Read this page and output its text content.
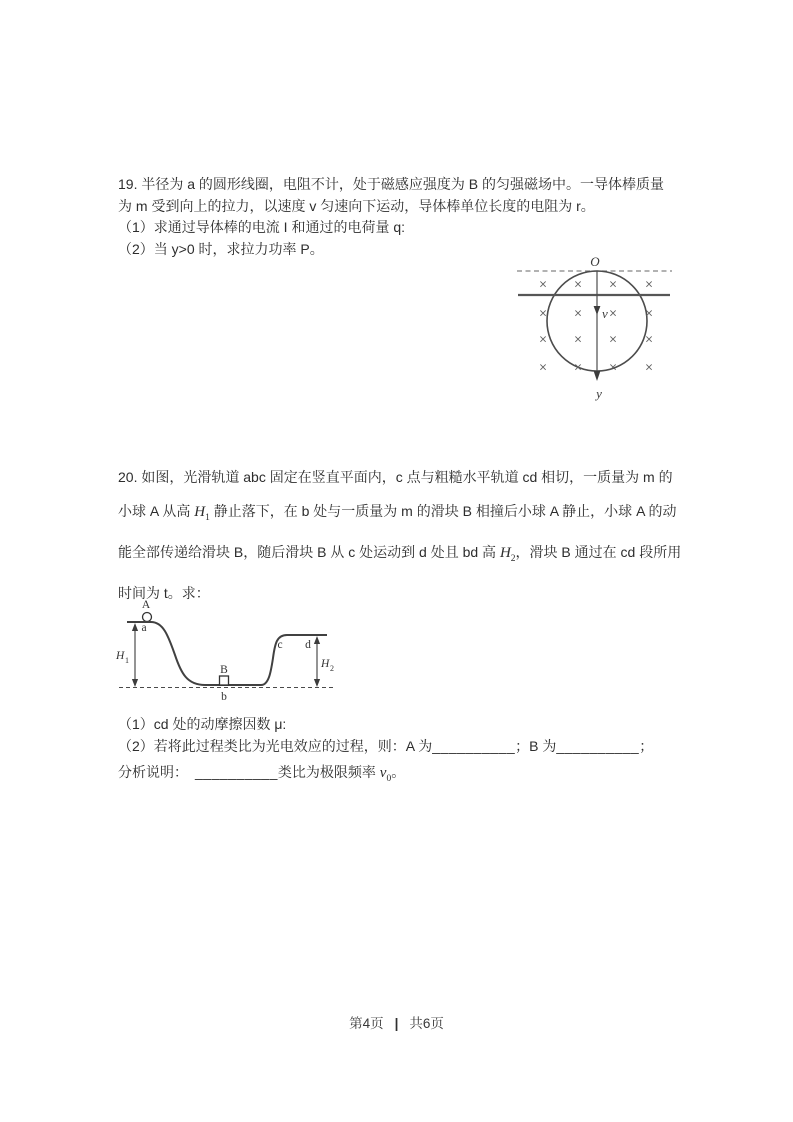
19. 半径为 a 的圆形线圈，电阻不计，处于磁感应强度为 B 的匀强磁场中。一导体棒质量
为 m 受到向上的拉力，以速度 v 匀速向下运动，导体棒单位长度的电阻为 r。
（1）求通过导体棒的电流 I 和通过的电荷量 q:
（2）当 y>0 时，求拉力功率 P。
O
v
y
× × ×	×
× × ×	×
× × ×	×
× × ×	×
20. 如图，光滑轨道 abc 固定在竖直平面内，c 点与粗糙水平轨道 cd 相切，一质量为 m 的
小球 A 从高 $H_1$ 静止落下，在 b 处与一质量为 m 的滑块 B 相撞后小球 A 静止，小球 A 的动
能全部传递给滑块 B，随后滑块 B 从 c 处运动到 d 处且 bd 高 $H_2$，滑块 B 通过在 cd 段所用
时间为 t。求：
A
a
H 1
B
b
c d
H 2
（1）cd 处的动摩擦因数 μ:
（2）若将此过程类比为光电效应的过程，则：A 为__________；B 为__________；
分析说明： __________类比为极限频率 $\nu_0$。
第4页 | 共6页
